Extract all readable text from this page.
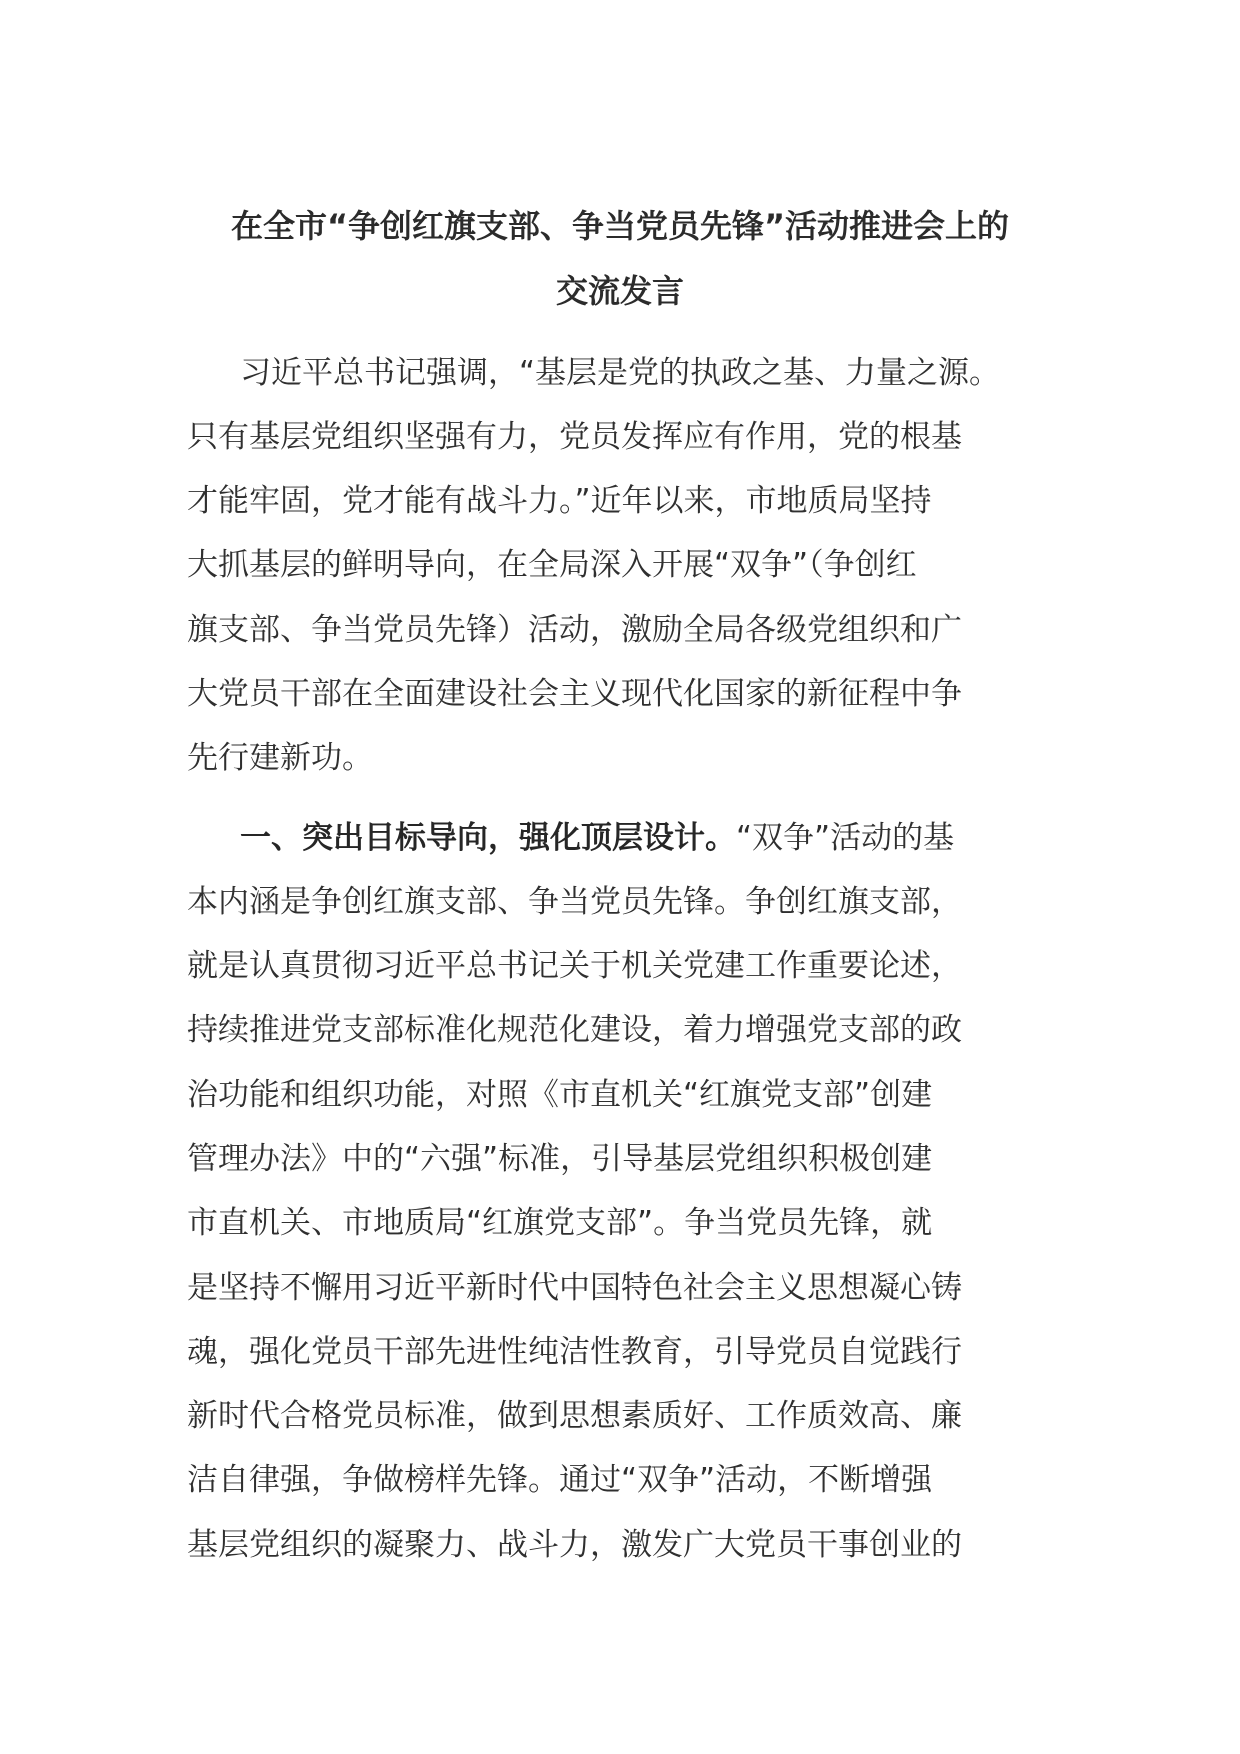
在全市“争创红旗支部、争当党员先锋”活动推进会上的
交流发言
习近平总书记强调，“基层是党的执政之基、力量之源。
只有基层党组织坚强有力，党员发挥应有作用，党的根基
才能牢固，党才能有战斗力。”近年以来，市地质局坚持
大抓基层的鲜明导向，在全局深入开展“双争”（争创红
旗支部、争当党员先锋）活动，激励全局各级党组织和广
大党员干部在全面建设社会主义现代化国家的新征程中争
先行建新功。
一、突出目标导向，强化顶层设计。“双争”活动的基
本内涵是争创红旗支部、争当党员先锋。争创红旗支部，
就是认真贯彻习近平总书记关于机关党建工作重要论述，
持续推进党支部标准化规范化建设，着力增强党支部的政
治功能和组织功能，对照《市直机关“红旗党支部”创建
管理办法》中的“六强”标准，引导基层党组织积极创建
市直机关、市地质局“红旗党支部”。争当党员先锋，就
是坚持不懈用习近平新时代中国特色社会主义思想凝心铸
魂，强化党员干部先进性纯洁性教育，引导党员自觉践行
新时代合格党员标准，做到思想素质好、工作质效高、廉
洁自律强，争做榜样先锋。通过“双争”活动，不断增强
基层党组织的凝聚力、战斗力，激发广大党员干事创业的
